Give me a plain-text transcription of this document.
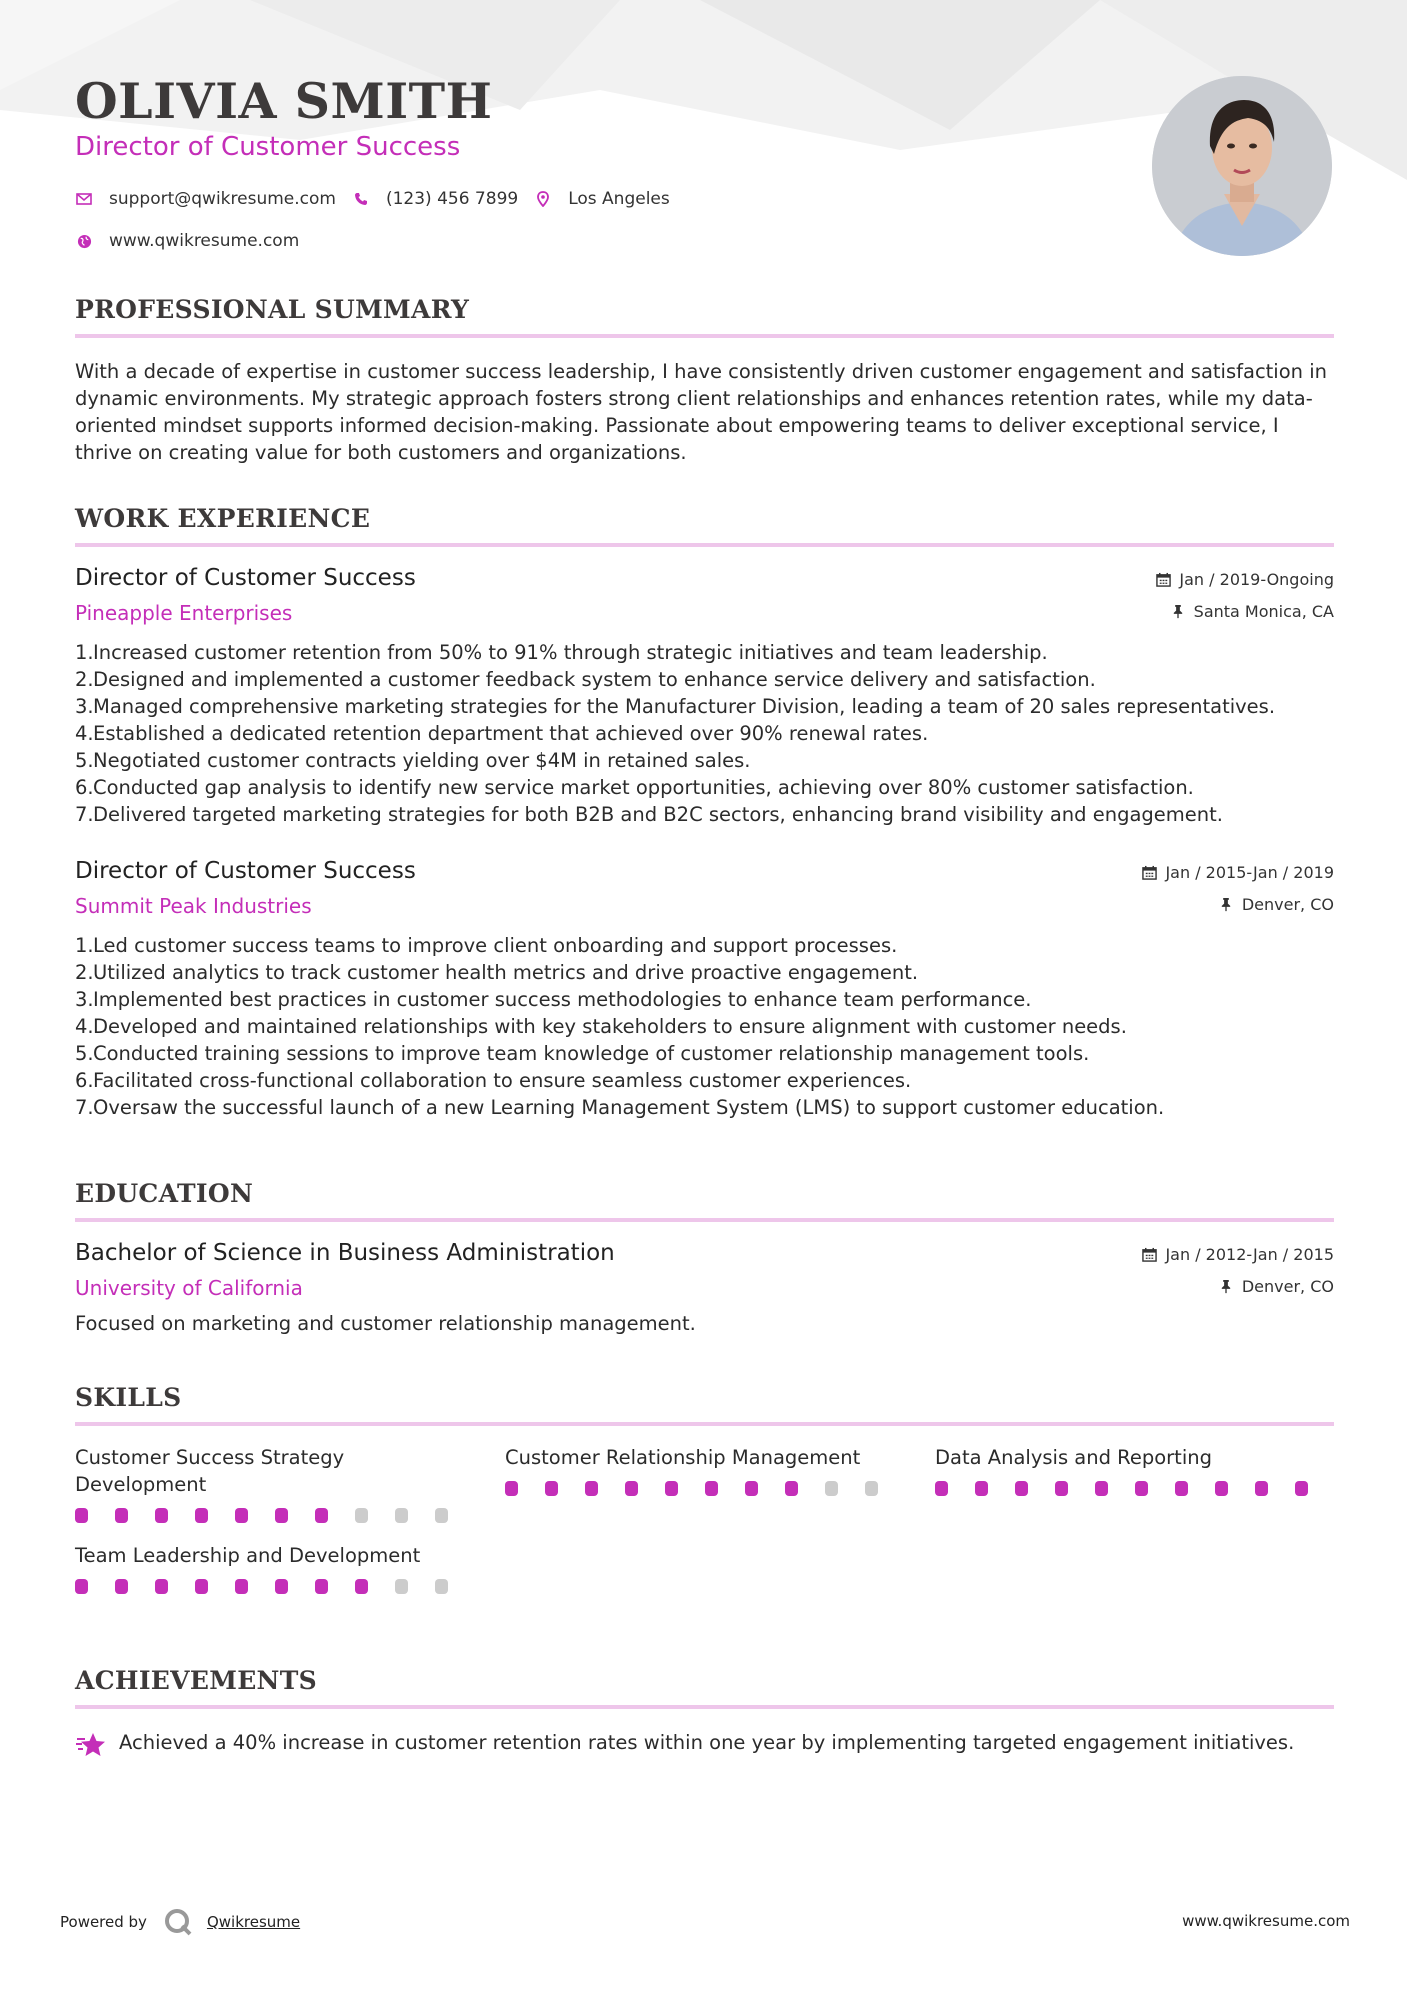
OLIVIA SMITH
Director of Customer Success
support@qwikresume.com	(123) 456 7899	Los Angeles
www.qwikresume.com
PROFESSIONAL SUMMARY
With a decade of expertise in customer success leadership, I have consistently driven customer engagement and satisfaction in dynamic environments. My strategic approach fosters strong client relationships and enhances retention rates, while my data-oriented mindset supports informed decision-making. Passionate about empowering teams to deliver exceptional service, I thrive on creating value for both customers and organizations.
WORK EXPERIENCE
Director of Customer Success
Pineapple Enterprises
Jan / 2019-Ongoing
Santa Monica, CA
1. Increased customer retention from 50% to 91% through strategic initiatives and team leadership.
2. Designed and implemented a customer feedback system to enhance service delivery and satisfaction.
3. Managed comprehensive marketing strategies for the Manufacturer Division, leading a team of 20 sales representatives.
4. Established a dedicated retention department that achieved over 90% renewal rates.
5. Negotiated customer contracts yielding over $4M in retained sales.
6. Conducted gap analysis to identify new service market opportunities, achieving over 80% customer satisfaction.
7. Delivered targeted marketing strategies for both B2B and B2C sectors, enhancing brand visibility and engagement.
Director of Customer Success
Summit Peak Industries
Jan / 2015-Jan / 2019
Denver, CO
1. Led customer success teams to improve client onboarding and support processes.
2. Utilized analytics to track customer health metrics and drive proactive engagement.
3. Implemented best practices in customer success methodologies to enhance team performance.
4. Developed and maintained relationships with key stakeholders to ensure alignment with customer needs.
5. Conducted training sessions to improve team knowledge of customer relationship management tools.
6. Facilitated cross-functional collaboration to ensure seamless customer experiences.
7. Oversaw the successful launch of a new Learning Management System (LMS) to support customer education.
EDUCATION
Bachelor of Science in Business Administration
University of California
Jan / 2012-Jan / 2015
Denver, CO
Focused on marketing and customer relationship management.
SKILLS
Customer Success Strategy Development
Customer Relationship Management	Data Analysis and Reporting
Team Leadership and Development
ACHIEVEMENTS
Achieved a 40% increase in customer retention rates within one year by implementing targeted engagement initiatives.
Powered by	Qwikresume	www.qwikresume.com
